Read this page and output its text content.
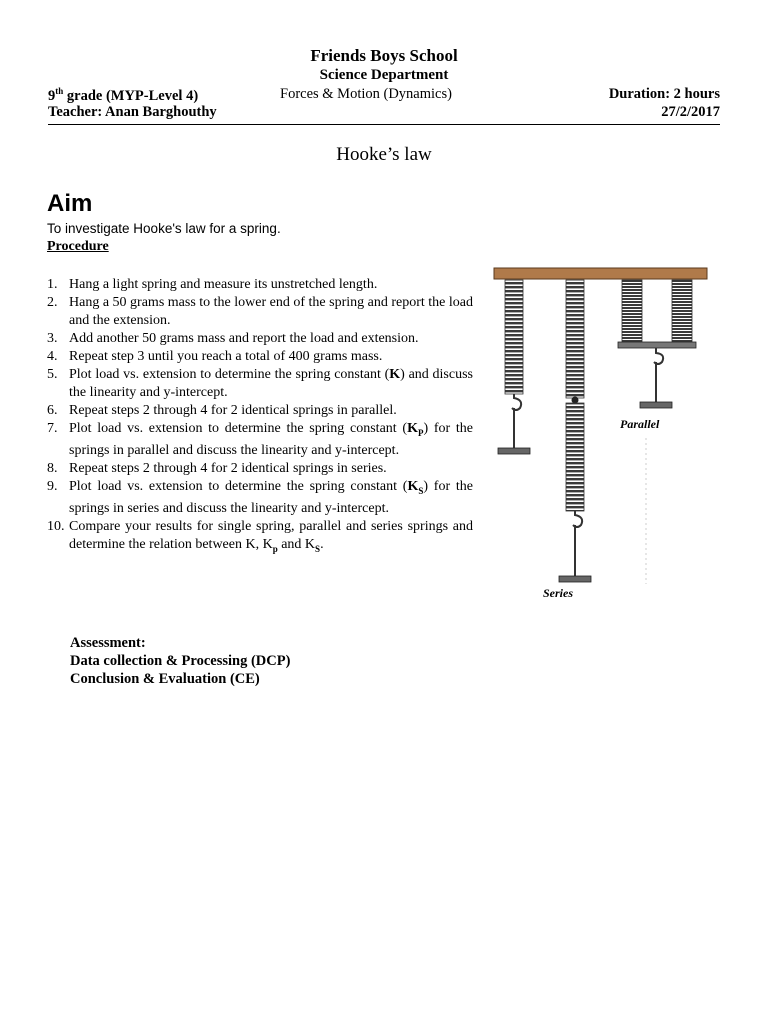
Friends Boys School
Science Department
9th grade (MYP-Level 4)	Forces & Motion (Dynamics)	Duration: 2 hours
Teacher: Anan Barghouthy	27/2/2017
Hooke’s law
Aim
To investigate Hooke's law for a spring.
Procedure
1. Hang a light spring and measure its unstretched length.
2. Hang a 50 grams mass to the lower end of the spring and report the load and the extension.
3. Add another 50 grams mass and report the load and extension.
4. Repeat step 3 until you reach a total of 400 grams mass.
5. Plot load vs. extension to determine the spring constant (K) and discuss the linearity and y-intercept.
6. Repeat steps 2 through 4 for 2 identical springs in parallel.
7. Plot load vs. extension to determine the spring constant $(K_P)$ for the springs in parallel and discuss the linearity and y-intercept.
8. Repeat steps 2 through 4 for 2 identical springs in series.
9. Plot load vs. extension to determine the spring constant $(K_S)$ for the springs in series and discuss the linearity and y-intercept.
10. Compare your results for single spring, parallel and series springs and determine the relation between K, $K_p$ and $K_S$.
Assessment:
Data collection & Processing (DCP)
Conclusion & Evaluation (CE)
Parallel
Series
